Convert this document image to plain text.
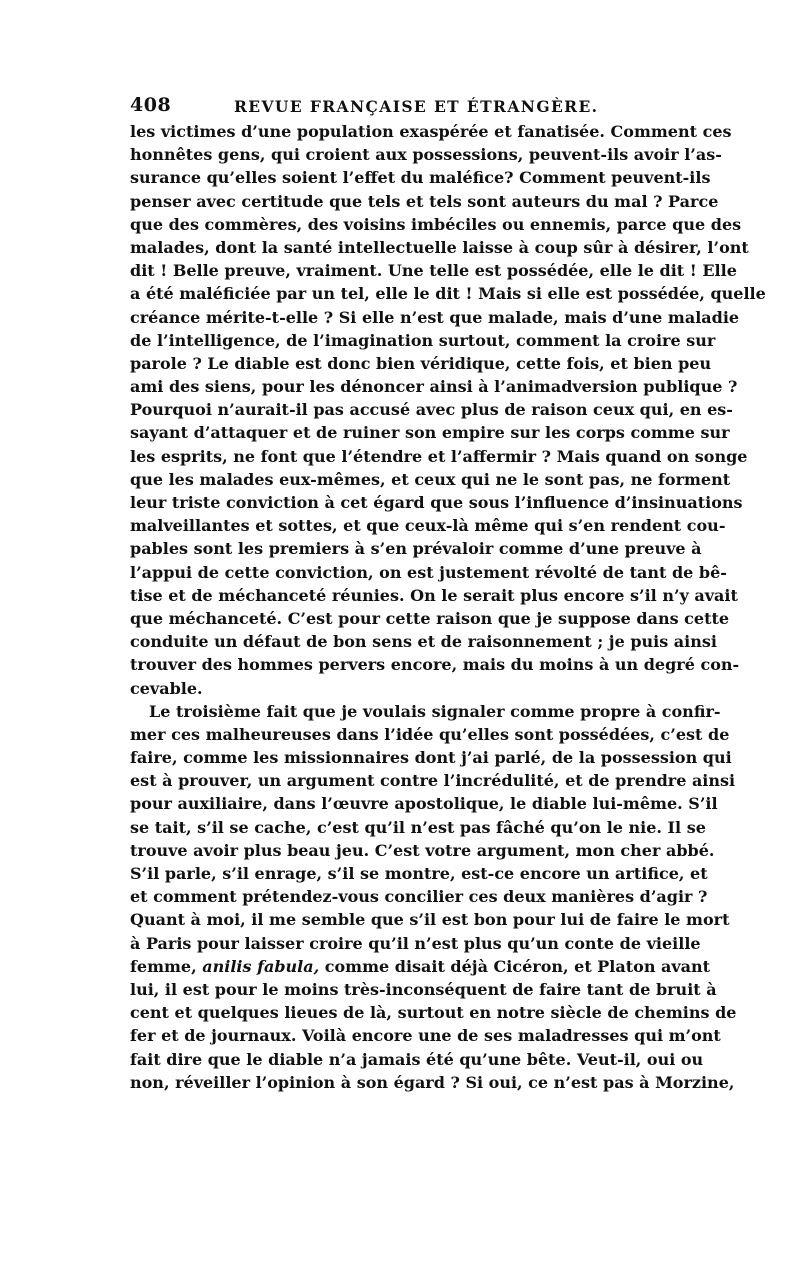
408	REVUE FRANÇAISE ET ÉTRANGÈRE.
les victimes d’une population exaspérée et fanatisée. Comment ces
honnêtes gens, qui croient aux possessions, peuvent-ils avoir l’as-
surance qu’elles soient l’effet du maléfice? Comment peuvent-ils
penser avec certitude que tels et tels sont auteurs du mal ? Parce
que des commères, des voisins imbéciles ou ennemis, parce que des
malades, dont la santé intellectuelle laisse à coup sûr à désirer, l’ont
dit ! Belle preuve, vraiment. Une telle est possédée, elle le dit ! Elle
a été maléficiée par un tel, elle le dit ! Mais si elle est possédée, quelle
créance mérite-t-elle ? Si elle n’est que malade, mais d’une maladie
de l’intelligence, de l’imagination surtout, comment la croire sur
parole ? Le diable est donc bien véridique, cette fois, et bien peu
ami des siens, pour les dénoncer ainsi à l’animadversion publique ?
Pourquoi n’aurait-il pas accusé avec plus de raison ceux qui, en es-
sayant d’attaquer et de ruiner son empire sur les corps comme sur
les esprits, ne font que l’étendre et l’affermir ? Mais quand on songe
que les malades eux-mêmes, et ceux qui ne le sont pas, ne forment
leur triste conviction à cet égard que sous l’influence d’insinuations
malveillantes et sottes, et que ceux-là même qui s’en rendent cou-
pables sont les premiers à s’en prévaloir comme d’une preuve à
l’appui de cette conviction, on est justement révolté de tant de bê-
tise et de méchanceté réunies. On le serait plus encore s’il n’y avait
que méchanceté. C’est pour cette raison que je suppose dans cette
conduite un défaut de bon sens et de raisonnement ; je puis ainsi
trouver des hommes pervers encore, mais du moins à un degré con-
cevable.
Le troisième fait que je voulais signaler comme propre à confir-
mer ces malheureuses dans l’idée qu’elles sont possédées, c’est de
faire, comme les missionnaires dont j’ai parlé, de la possession qui
est à prouver, un argument contre l’incrédulité, et de prendre ainsi
pour auxiliaire, dans l’œuvre apostolique, le diable lui-même. S’il
se tait, s’il se cache, c’est qu’il n’est pas fâché qu’on le nie. Il se
trouve avoir plus beau jeu. C’est votre argument, mon cher abbé.
S’il parle, s’il enrage, s’il se montre, est-ce encore un artifice, et
et comment prétendez-vous concilier ces deux manières d’agir ?
Quant à moi, il me semble que s’il est bon pour lui de faire le mort
à Paris pour laisser croire qu’il n’est plus qu’un conte de vieille
femme, anilis fabula, comme disait déjà Cicéron, et Platon avant
lui, il est pour le moins très-inconséquent de faire tant de bruit à
cent et quelques lieues de là, surtout en notre siècle de chemins de
fer et de journaux. Voilà encore une de ses maladresses qui m’ont
fait dire que le diable n’a jamais été qu’une bête. Veut-il, oui ou
non, réveiller l’opinion à son égard ? Si oui, ce n’est pas à Morzine,
